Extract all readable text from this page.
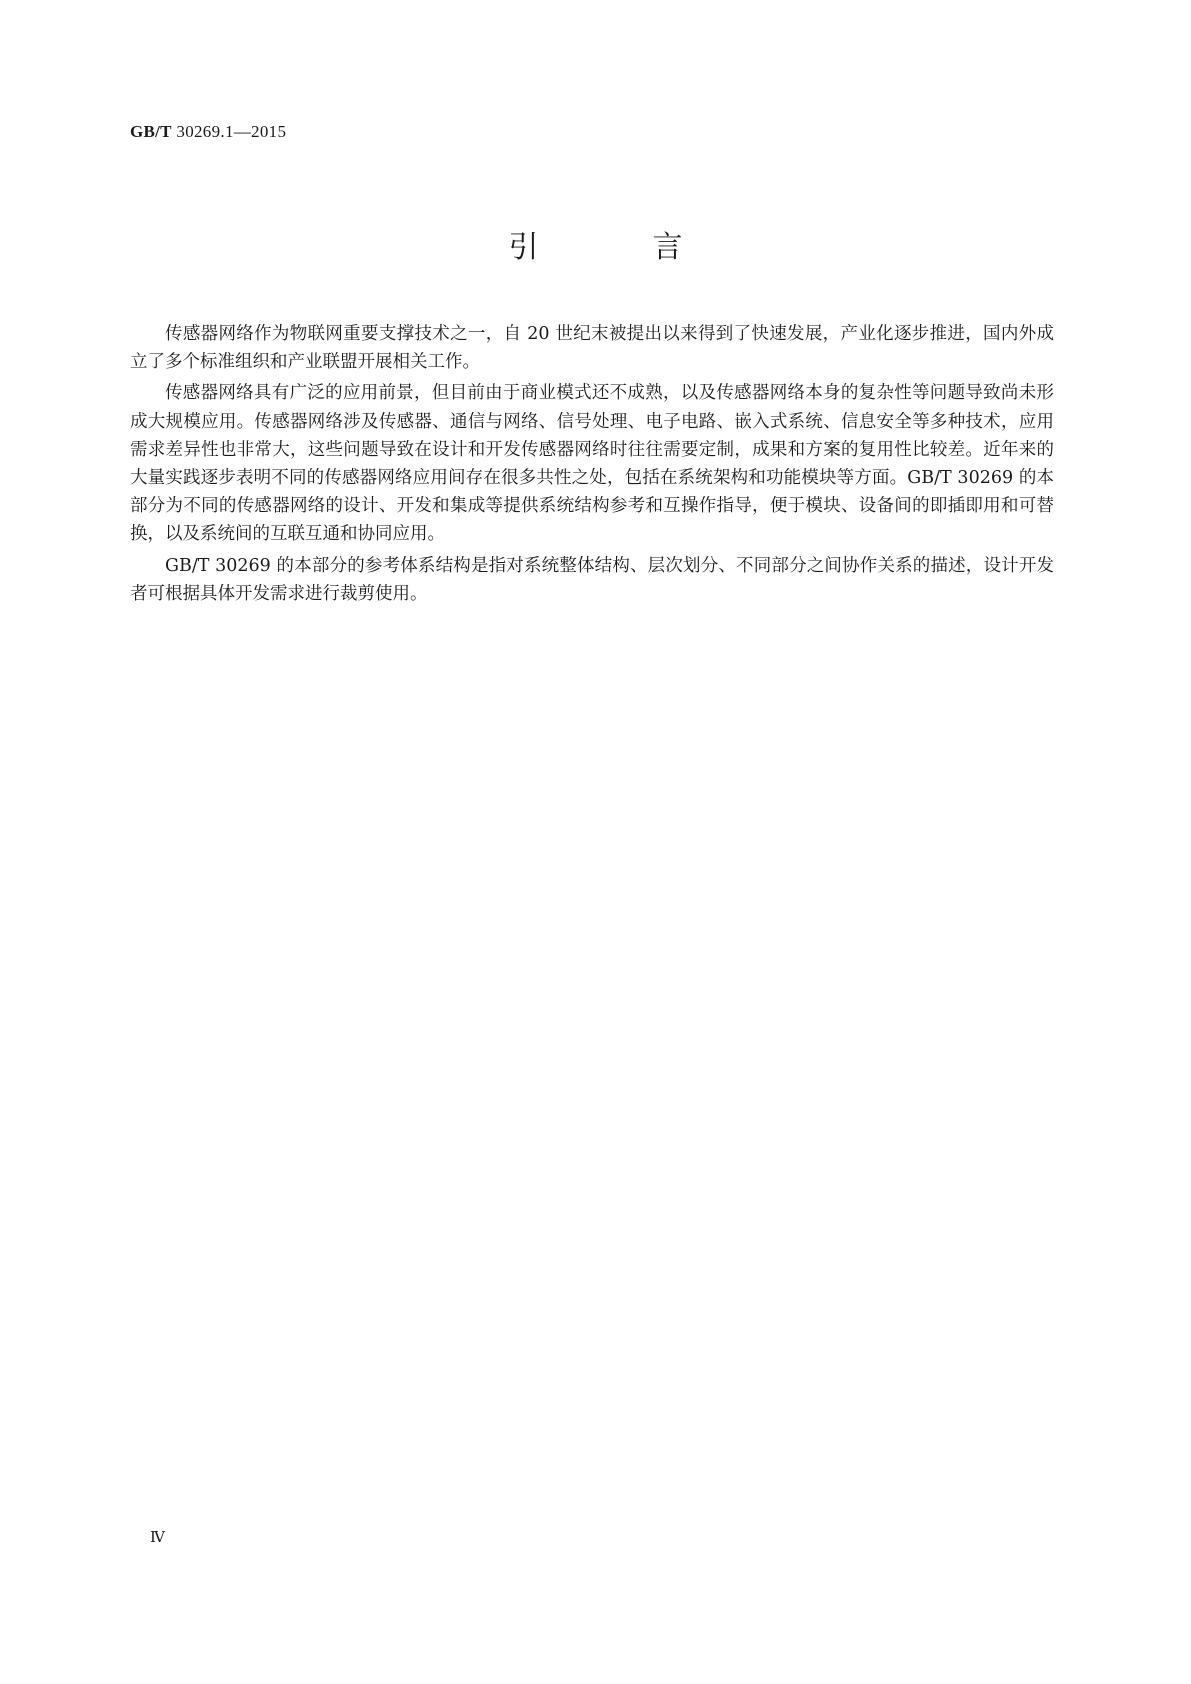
GB/T 30269.1—2015
引　言

传感器网络作为物联网重要支撑技术之一，自 20 世纪末被提出以来得到了快速发展，产业化逐步推进，国内外成立了多个标准组织和产业联盟开展相关工作。

传感器网络具有广泛的应用前景，但目前由于商业模式还不成熟，以及传感器网络本身的复杂性等问题导致尚未形成大规模应用。传感器网络涉及传感器、通信与网络、信号处理、电子电路、嵌入式系统、信息安全等多种技术，应用需求差异性也非常大，这些问题导致在设计和开发传感器网络时往往需要定制，成果和方案的复用性比较差。近年来的大量实践逐步表明不同的传感器网络应用间存在很多共性之处，包括在系统架构和功能模块等方面。GB/T 30269 的本部分为不同的传感器网络的设计、开发和集成等提供系统结构参考和互操作指导，便于模块、设备间的即插即用和可替换，以及系统间的互联互通和协同应用。

GB/T 30269 的本部分的参考体系结构是指对系统整体结构、层次划分、不同部分之间协作关系的描述，设计开发者可根据具体开发需求进行裁剪使用。

Ⅳ
